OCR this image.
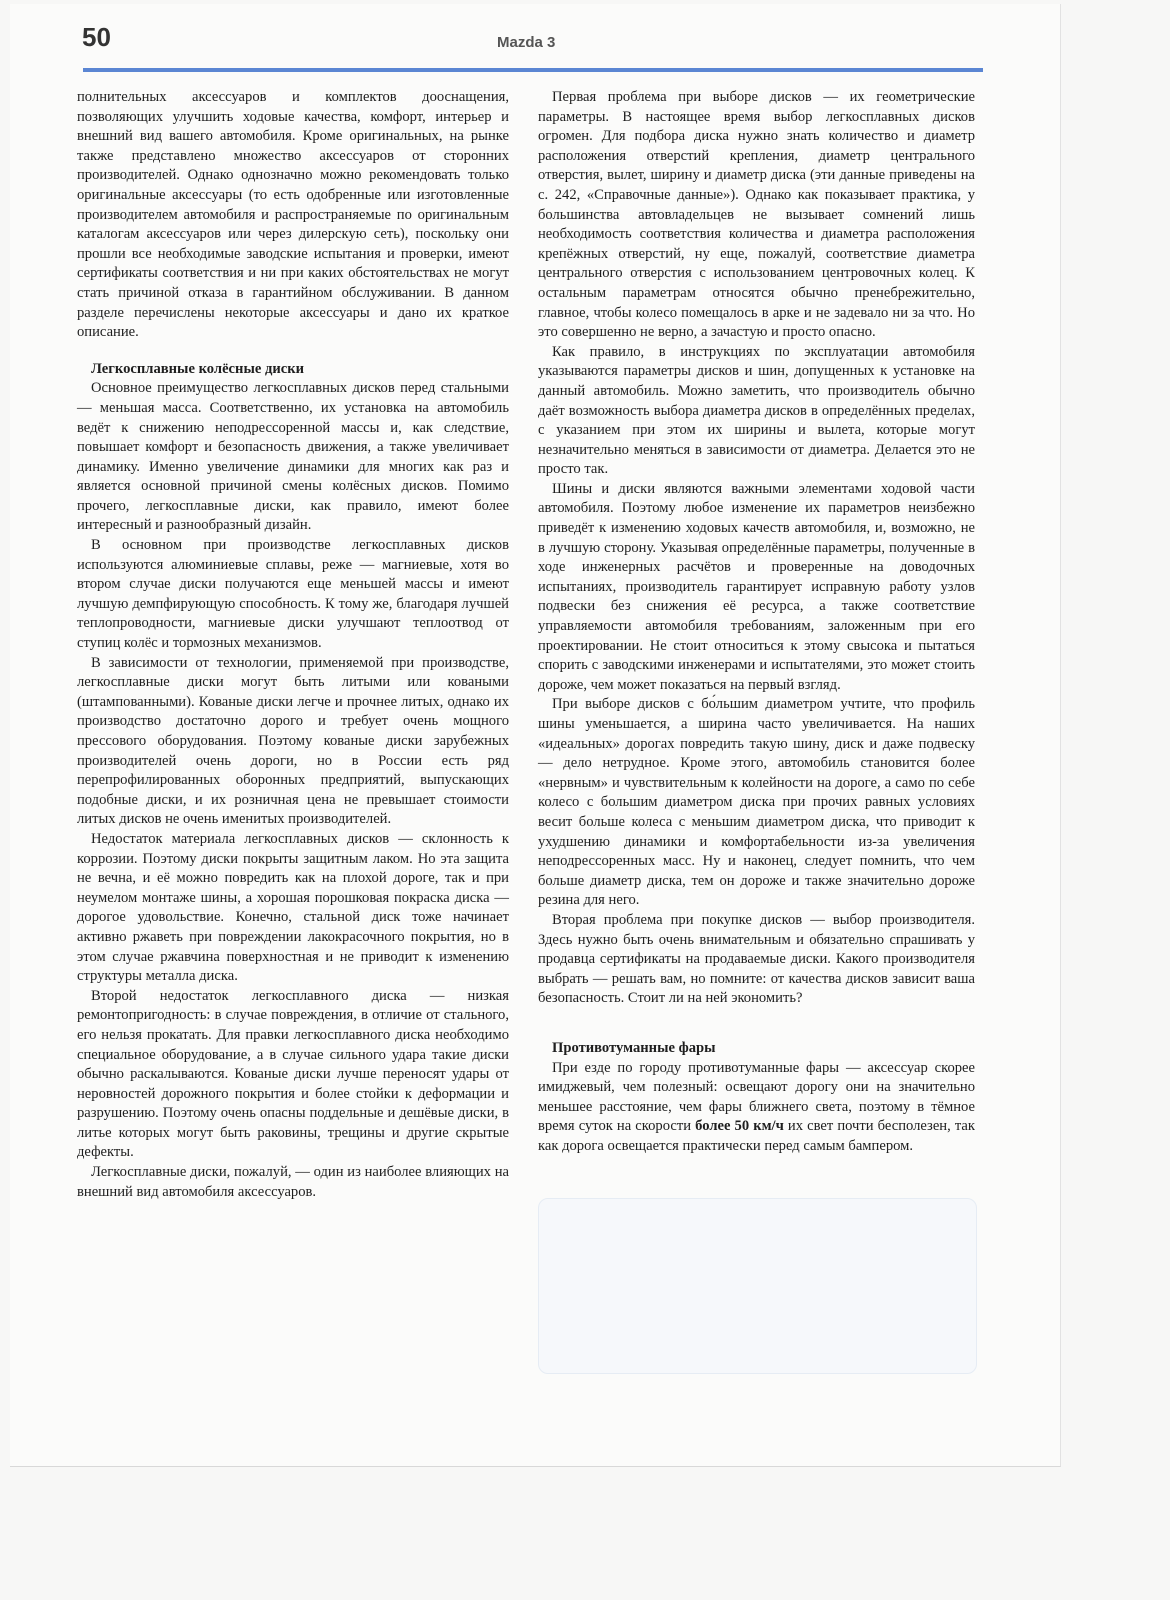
50	Mazda 3

полнительных аксессуаров и комплектов дооснащения, позволяющих улучшить ходовые качества, комфорт, интерьер и внешний вид вашего автомобиля. Кроме оригинальных, на рынке также представлено множество аксессуаров от сторонних производителей. Однако однозначно можно рекомендовать только оригинальные аксессуары (то есть одобренные или изготовленные производителем автомобиля и распространяемые по оригинальным каталогам аксессуаров или через дилерскую сеть), поскольку они прошли все необходимые заводские испытания и проверки, имеют сертификаты соответствия и ни при каких обстоятельствах не могут стать причиной отказа в гарантийном обслуживании. В данном разделе перечислены некоторые аксессуары и дано их краткое описание.

Легкосплавные колёсные диски

Основное преимущество легкосплавных дисков перед стальными — меньшая масса. Соответственно, их установка на автомобиль ведёт к снижению неподрессоренной массы и, как следствие, повышает комфорт и безопасность движения, а также увеличивает динамику. Именно увеличение динамики для многих как раз и является основной причиной смены колёсных дисков. Помимо прочего, легкосплавные диски, как правило, имеют более интересный и разнообразный дизайн.

В основном при производстве легкосплавных дисков используются алюминиевые сплавы, реже — магниевые, хотя во втором случае диски получаются еще меньшей массы и имеют лучшую демпфирующую способность. К тому же, благодаря лучшей теплопроводности, магниевые диски улучшают теплоотвод от ступиц колёс и тормозных механизмов.

В зависимости от технологии, применяемой при производстве, легкосплавные диски могут быть литыми или коваными (штампованными). Кованые диски легче и прочнее литых, однако их производство достаточно дорого и требует очень мощного прессового оборудования. Поэтому кованые диски зарубежных производителей очень дороги, но в России есть ряд перепрофилированных оборонных предприятий, выпускающих подобные диски, и их розничная цена не превышает стоимости литых дисков не очень именитых производителей.

Недостаток материала легкосплавных дисков — склонность к коррозии. Поэтому диски покрыты защитным лаком. Но эта защита не вечна, и её можно повредить как на плохой дороге, так и при неумелом монтаже шины, а хорошая порошковая покраска диска — дорогое удовольствие. Конечно, стальной диск тоже начинает активно ржаветь при повреждении лакокрасочного покрытия, но в этом случае ржавчина поверхностная и не приводит к изменению структуры металла диска.

Второй недостаток легкосплавного диска — низкая ремонтопригодность: в случае повреждения, в отличие от стального, его нельзя прокатать. Для правки легкосплавного диска необходимо специальное оборудование, а в случае сильного удара такие диски обычно раскалываются. Кованые диски лучше переносят удары от неровностей дорожного покрытия и более стойки к деформации и разрушению. Поэтому очень опасны поддельные и дешёвые диски, в литье которых могут быть раковины, трещины и другие скрытые дефекты.

Легкосплавные диски, пожалуй, — один из наиболее влияющих на внешний вид автомобиля аксессуаров.

Первая проблема при выборе дисков — их геометрические параметры. В настоящее время выбор легкосплавных дисков огромен. Для подбора диска нужно знать количество и диаметр расположения отверстий крепления, диаметр центрального отверстия, вылет, ширину и диаметр диска (эти данные приведены на с. 242, «Справочные данные»). Однако как показывает практика, у большинства автовладельцев не вызывает сомнений лишь необходимость соответствия количества и диаметра расположения крепёжных отверстий, ну еще, пожалуй, соответствие диаметра центрального отверстия с использованием центровочных колец. К остальным параметрам относятся обычно пренебрежительно, главное, чтобы колесо помещалось в арке и не задевало ни за что. Но это совершенно не верно, а зачастую и просто опасно.

Как правило, в инструкциях по эксплуатации автомобиля указываются параметры дисков и шин, допущенных к установке на данный автомобиль. Можно заметить, что производитель обычно даёт возможность выбора диаметра дисков в определённых пределах, с указанием при этом их ширины и вылета, которые могут незначительно меняться в зависимости от диаметра. Делается это не просто так.

Шины и диски являются важными элементами ходовой части автомобиля. Поэтому любое изменение их параметров неизбежно приведёт к изменению ходовых качеств автомобиля, и, возможно, не в лучшую сторону. Указывая определённые параметры, полученные в ходе инженерных расчётов и проверенные на доводочных испытаниях, производитель гарантирует исправную работу узлов подвески без снижения её ресурса, а также соответствие управляемости автомобиля требованиям, заложенным при его проектировании. Не стоит относиться к этому свысока и пытаться спорить с заводскими инженерами и испытателями, это может стоить дороже, чем может показаться на первый взгляд.

При выборе дисков с бо́льшим диаметром учтите, что профиль шины уменьшается, а ширина часто увеличивается. На наших «идеальных» дорогах повредить такую шину, диск и даже подвеску — дело нетрудное. Кроме этого, автомобиль становится более «нервным» и чувствительным к колейности на дороге, а само по себе колесо с большим диаметром диска при прочих равных условиях весит больше колеса с меньшим диаметром диска, что приводит к ухудшению динамики и комфортабельности из-за увеличения неподрессоренных масс. Ну и наконец, следует помнить, что чем больше диаметр диска, тем он дороже и также значительно дороже резина для него.

Вторая проблема при покупке дисков — выбор производителя. Здесь нужно быть очень внимательным и обязательно спрашивать у продавца сертификаты на продаваемые диски. Какого производителя выбрать — решать вам, но помните: от качества дисков зависит ваша безопасность. Стоит ли на ней экономить?

Противотуманные фары

При езде по городу противотуманные фары — аксессуар скорее имиджевый, чем полезный: освещают дорогу они на значительно меньшее расстояние, чем фары ближнего света, поэтому в тёмное время суток на скорости более 50 км/ч их свет почти бесполезен, так как дорога освещается практически перед самым бампером.
